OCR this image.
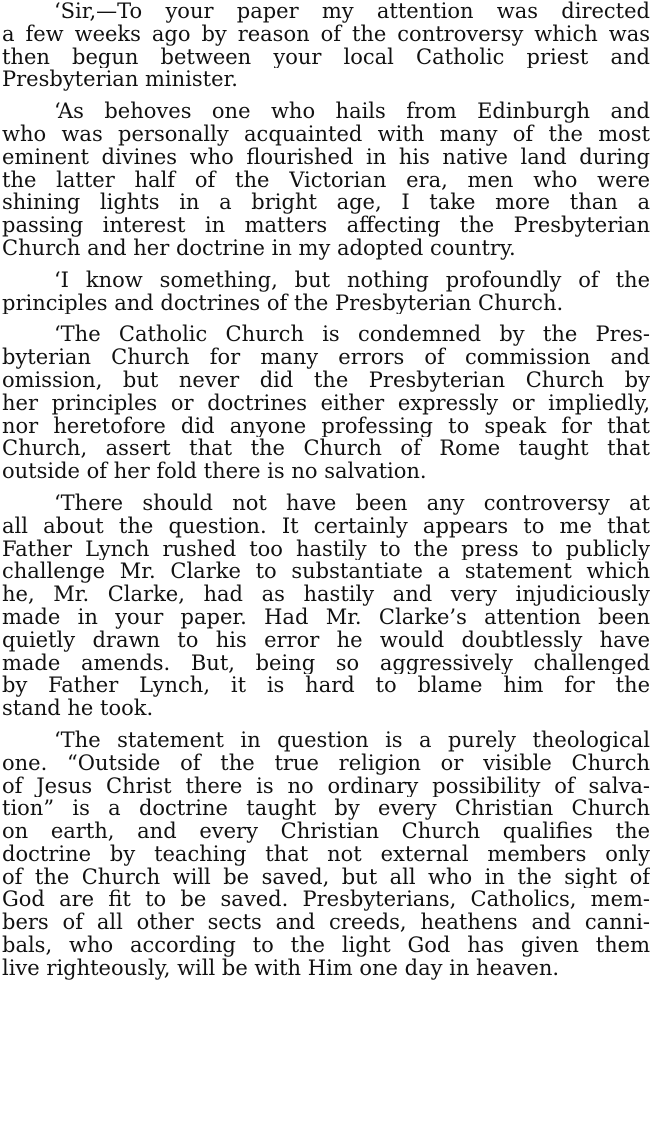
‘Sir,—To your paper my attention was directed
a few weeks ago by reason of the controversy which was
then begun between your local Catholic priest and
Presbyterian minister.
‘As behoves one who hails from Edinburgh and
who was personally acquainted with many of the most
eminent divines who flourished in his native land during
the latter half of the Victorian era, men who were
shining lights in a bright age, I take more than a
passing interest in matters affecting the Presbyterian
Church and her doctrine in my adopted country.
‘I know something, but nothing profoundly of the
principles and doctrines of the Presbyterian Church.
‘The Catholic Church is condemned by the Pres-
byterian Church for many errors of commission and
omission, but never did the Presbyterian Church by
her principles or doctrines either expressly or impliedly,
nor heretofore did anyone professing to speak for that
Church, assert that the Church of Rome taught that
outside of her fold there is no salvation.
‘There should not have been any controversy at
all about the question. It certainly appears to me that
Father Lynch rushed too hastily to the press to publicly
challenge Mr. Clarke to substantiate a statement which
he, Mr. Clarke, had as hastily and very injudiciously
made in your paper. Had Mr. Clarke’s attention been
quietly drawn to his error he would doubtlessly have
made amends. But, being so aggressively challenged
by Father Lynch, it is hard to blame him for the
stand he took.
‘The statement in question is a purely theological
one. “Outside of the true religion or visible Church
of Jesus Christ there is no ordinary possibility of salva-
tion” is a doctrine taught by every Christian Church
on earth, and every Christian Church qualifies the
doctrine by teaching that not external members only
of the Church will be saved, but all who in the sight of
God are fit to be saved. Presbyterians, Catholics, mem-
bers of all other sects and creeds, heathens and canni-
bals, who according to the light God has given them
live righteously, will be with Him one day in heaven.
